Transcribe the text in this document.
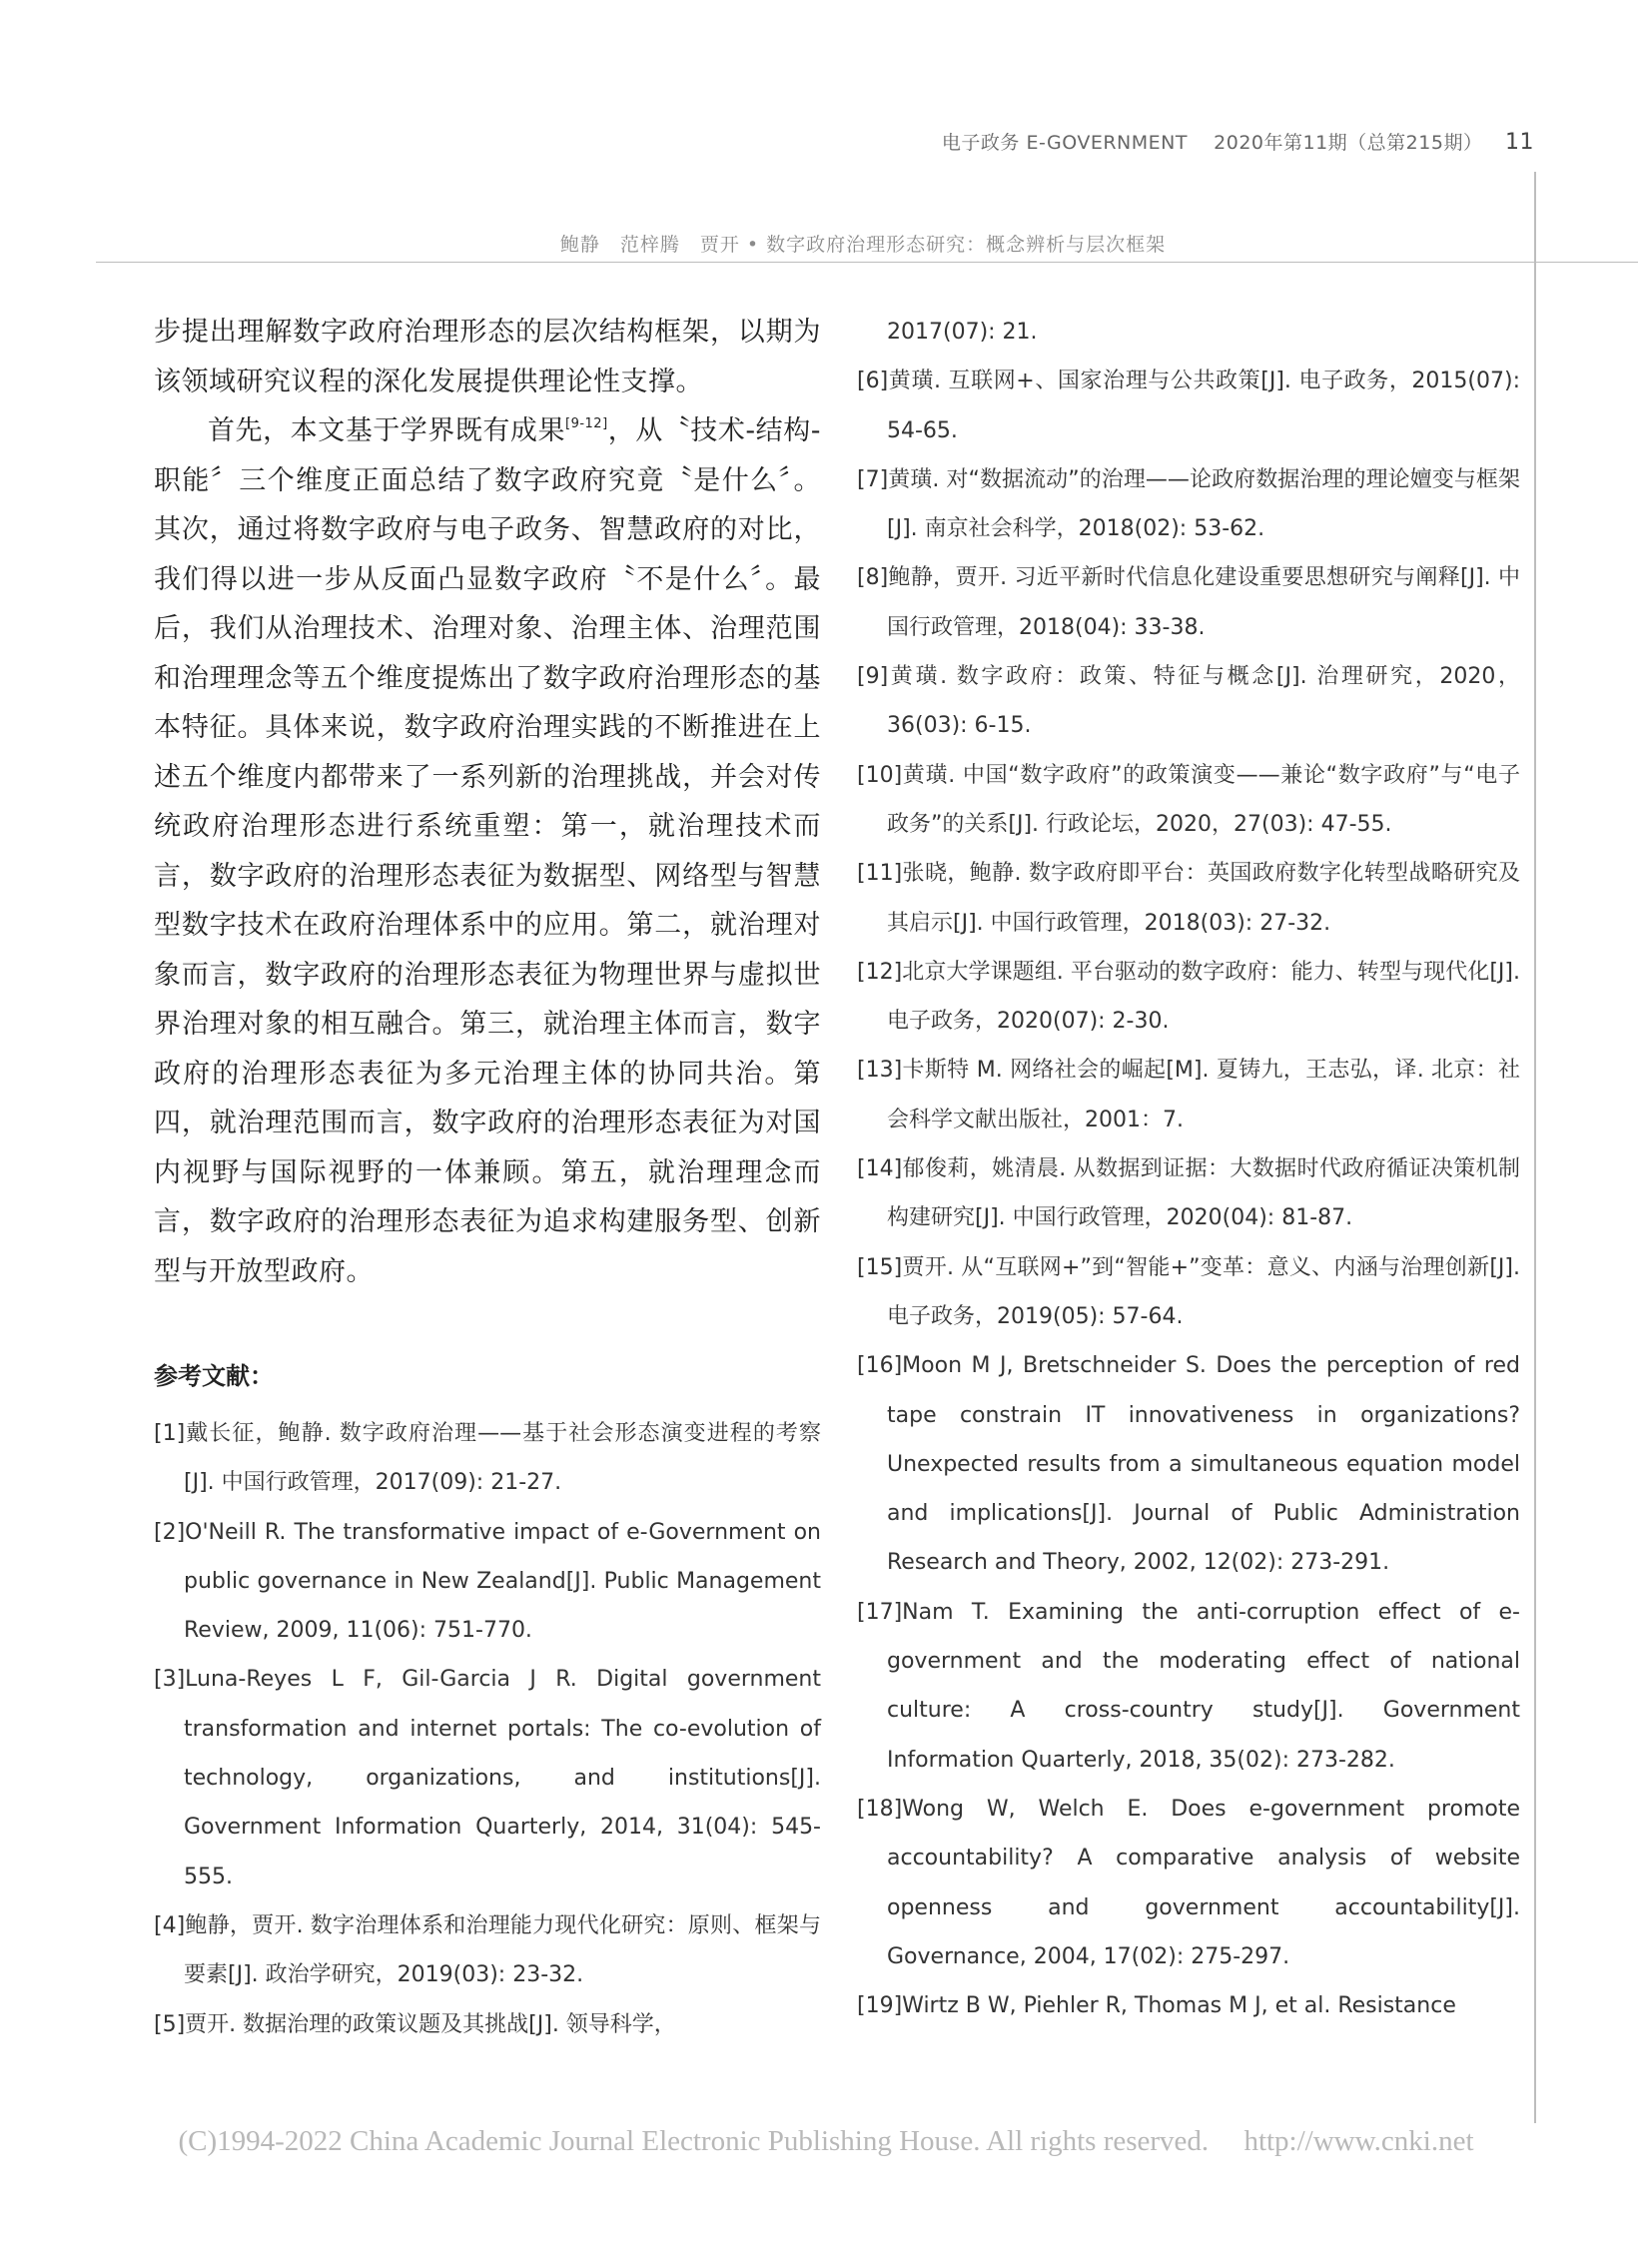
电子政务 E-GOVERNMENT 2020年第11期（总第215期） 11
鲍静　范梓腾　贾开 • 数字政府治理形态研究：概念辨析与层次框架

步提出理解数字政府治理形态的层次结构框架，以期为该领域研究议程的深化发展提供理论性支撑。

首先，本文基于学界既有成果[9-12]，从〝技术-结构-职能〞三个维度正面总结了数字政府究竟〝是什么〞。其次，通过将数字政府与电子政务、智慧政府的对比，我们得以进一步从反面凸显数字政府〝不是什么〞。最后，我们从治理技术、治理对象、治理主体、治理范围和治理理念等五个维度提炼出了数字政府治理形态的基本特征。具体来说，数字政府治理实践的不断推进在上述五个维度内都带来了一系列新的治理挑战，并会对传统政府治理形态进行系统重塑：第一，就治理技术而言，数字政府的治理形态表征为数据型、网络型与智慧型数字技术在政府治理体系中的应用。第二，就治理对象而言，数字政府的治理形态表征为物理世界与虚拟世界治理对象的相互融合。第三，就治理主体而言，数字政府的治理形态表征为多元治理主体的协同共治。第四，就治理范围而言，数字政府的治理形态表征为对国内视野与国际视野的一体兼顾。第五，就治理理念而言，数字政府的治理形态表征为追求构建服务型、创新型与开放型政府。

参考文献：

[1]戴长征，鲍静. 数字政府治理——基于社会形态演变进程的考察[J]. 中国行政管理，2017(09): 21-27.

[2]O'Neill R. The transformative impact of e-Government on public governance in New Zealand[J]. Public Management Review, 2009, 11(06): 751-770.

[3]Luna-Reyes L F, Gil-Garcia J R. Digital government transformation and internet portals: The co-evolution of technology, organizations, and institutions[J]. Government Information Quarterly, 2014, 31(04): 545-555.

[4]鲍静，贾开. 数字治理体系和治理能力现代化研究：原则、框架与要素[J]. 政治学研究，2019(03): 23-32.

[5]贾开. 数据治理的政策议题及其挑战[J]. 领导科学，

2017(07): 21.

[6]黄璜. 互联网+、国家治理与公共政策[J]. 电子政务，2015(07): 54-65.

[7]黄璜. 对“数据流动”的治理——论政府数据治理的理论嬗变与框架[J]. 南京社会科学，2018(02): 53-62.

[8]鲍静，贾开. 习近平新时代信息化建设重要思想研究与阐释[J]. 中国行政管理，2018(04): 33-38.

[9]黄璜. 数字政府：政策、特征与概念[J]. 治理研究，2020，36(03): 6-15.

[10]黄璜. 中国“数字政府”的政策演变——兼论“数字政府”与“电子政务”的关系[J]. 行政论坛，2020，27(03): 47-55.

[11]张晓，鲍静. 数字政府即平台：英国政府数字化转型战略研究及其启示[J]. 中国行政管理，2018(03): 27-32.

[12]北京大学课题组. 平台驱动的数字政府：能力、转型与现代化[J]. 电子政务，2020(07): 2-30.

[13]卡斯特 M. 网络社会的崛起[M]. 夏铸九，王志弘，译. 北京：社会科学文献出版社，2001：7.

[14]郁俊莉，姚清晨. 从数据到证据：大数据时代政府循证决策机制构建研究[J]. 中国行政管理，2020(04): 81-87.

[15]贾开. 从“互联网+”到“智能+”变革：意义、内涵与治理创新[J]. 电子政务，2019(05): 57-64.

[16]Moon M J, Bretschneider S. Does the perception of red tape constrain IT innovativeness in organizations? Unexpected results from a simultaneous equation model and implications[J]. Journal of Public Administration Research and Theory, 2002, 12(02): 273-291.

[17]Nam T. Examining the anti-corruption effect of e-government and the moderating effect of national culture: A cross-country study[J]. Government Information Quarterly, 2018, 35(02): 273-282.

[18]Wong W, Welch E. Does e-government promote accountability? A comparative analysis of website openness and government accountability[J]. Governance, 2004, 17(02): 275-297.

[19]Wirtz B W, Piehler R, Thomas M J, et al. Resistance

(C)1994-2022 China Academic Journal Electronic Publishing House. All rights reserved. http://www.cnki.net
